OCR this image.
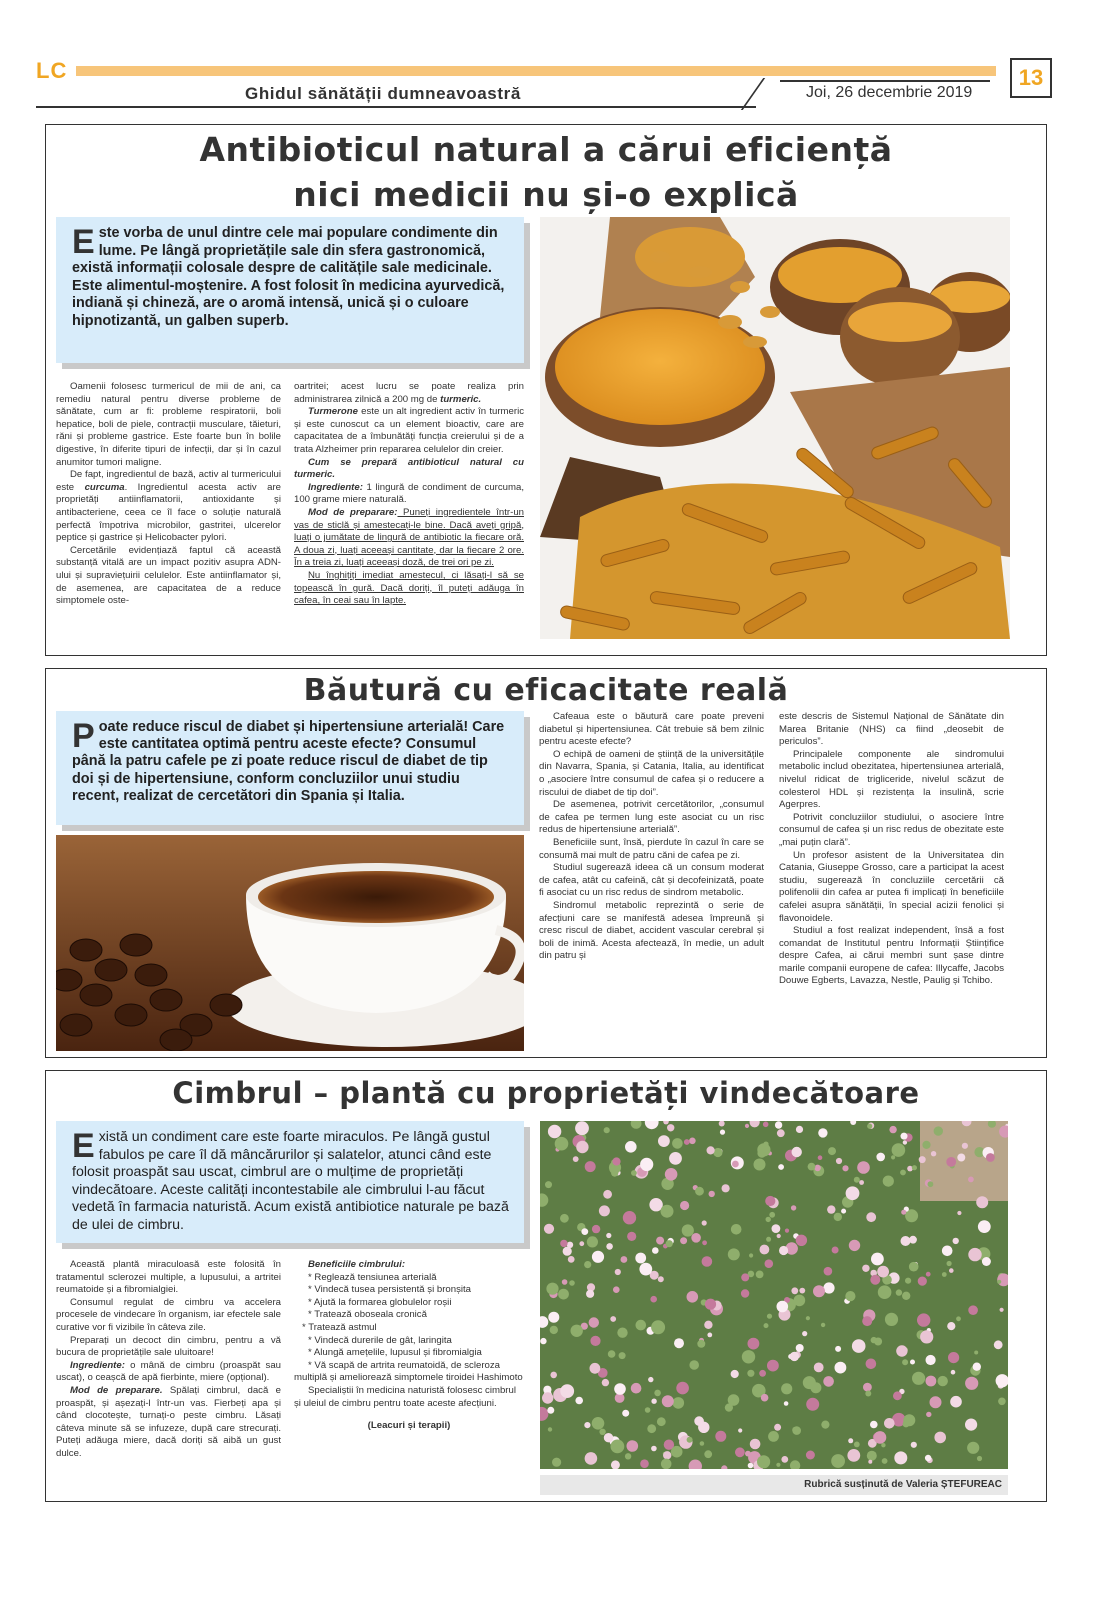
LC
Ghidul sănătății dumneavoastră	Joi, 26 decembrie 2019
13
Antibioticul natural a cărui eficiență
nici medicii nu și-o explică
Este vorba de unul dintre cele mai populare condimente din lume. Pe lângă proprietățile sale din sfera gastronomică, există informații colosale despre de calitățile sale medicinale. Este alimentul-moștenire. A fost folosit în medicina ayurvedică, indiană și chineză, are o aromă intensă, unică și o culoare hipnotizantă, un galben superb.

Oamenii folosesc turmericul de mii de ani, ca remediu natural pentru diverse probleme de sănătate, cum ar fi: probleme respiratorii, boli hepatice, boli de piele, contracții musculare, tăieturi, răni și probleme gastrice. Este foarte bun în bolile digestive, în diferite tipuri de infecții, dar și în cazul anumitor tumori maligne.

De fapt, ingredientul de bază, activ al turmericului este curcuma. Ingredientul acesta activ are proprietăți antiinflamatorii, antioxidante și antibacteriene, ceea ce îl face o soluție naturală perfectă împotriva microbilor, gastritei, ulcerelor peptice și gastrice și Helicobacter pylori.

Cercetările evidențiază faptul că această substanță vitală are un impact pozitiv asupra ADN-ului și supraviețuirii celulelor. Este antiinflamator și, de asemenea, are capacitatea de a reduce simptomele oste-

oartritei; acest lucru se poate realiza prin administrarea zilnică a 200 mg de turmeric.

Turmerone este un alt ingredient activ în turmeric și este cunoscut ca un element bioactiv, care are capacitatea de a îmbunătăți funcția creierului și de a trata Alzheimer prin repararea celulelor din creier.

Cum se prepară antibioticul natural cu turmeric.

Ingrediente: 1 lingură de condiment de curcuma, 100 grame miere naturală.

Mod de preparare: Puneți ingredientele într-un vas de sticlă și amestecați-le bine. Dacă aveți gripă, luați o jumătate de lingură de antibiotic la fiecare oră. A doua zi, luați aceeași cantitate, dar la fiecare 2 ore. În a treia zi, luați aceeași doză, de trei ori pe zi.

Nu înghițiți imediat amestecul, ci lăsați-l să se topească în gură. Dacă doriți, îl puteți adăuga în cafea, în ceai sau în lapte.

Băutură cu eficacitate reală
Poate reduce riscul de diabet și hipertensiune arterială! Care este cantitatea optimă pentru aceste efecte? Consumul până la patru cafele pe zi poate reduce riscul de diabet de tip doi și de hipertensiune, conform concluziilor unui studiu recent, realizat de cercetători din Spania și Italia.

Cafeaua este o băutură care poate preveni diabetul și hipertensiunea. Cât trebuie să bem zilnic pentru aceste efecte?

O echipă de oameni de știință de la universitățile din Navarra, Spania, și Catania, Italia, au identificat o „asociere între consumul de cafea și o reducere a riscului de diabet de tip doi”.

De asemenea, potrivit cercetătorilor, „consumul de cafea pe termen lung este asociat cu un risc redus de hipertensiune arterială”.

Beneficiile sunt, însă, pierdute în cazul în care se consumă mai mult de patru căni de cafea pe zi.

Studiul sugerează ideea că un consum moderat de cafea, atât cu cafeină, cât și decofeinizată, poate fi asociat cu un risc redus de sindrom metabolic.

Sindromul metabolic reprezintă o serie de afecțiuni care se manifestă adesea împreună și cresc riscul de diabet, accident vascular cerebral și boli de inimă. Acesta afectează, în medie, un adult din patru și

este descris de Sistemul Național de Sănătate din Marea Britanie (NHS) ca fiind „deosebit de periculos”.

Principalele componente ale sindromului metabolic includ obezitatea, hipertensiunea arterială, nivelul ridicat de trigliceride, nivelul scăzut de colesterol HDL și rezistența la insulină, scrie Agerpres.

Potrivit concluziilor studiului, o asociere între consumul de cafea și un risc redus de obezitate este „mai puțin clară”.

Un profesor asistent de la Universitatea din Catania, Giuseppe Grosso, care a participat la acest studiu, sugerează în concluziile cercetării că polifenolii din cafea ar putea fi implicați în beneficiile cafelei asupra sănătății, în special acizii fenolici și flavonoidele.

Studiul a fost realizat independent, însă a fost comandat de Institutul pentru Informații Științifice despre Cafea, ai cărui membri sunt șase dintre marile companii europene de cafea: Illycaffe, Jacobs Douwe Egberts, Lavazza, Nestle, Paulig și Tchibo.

Cimbrul – plantă cu proprietăți vindecătoare
Există un condiment care este foarte miraculos. Pe lângă gustul fabulos pe care îl dă mâncărurilor și salatelor, atunci când este folosit proaspăt sau uscat, cimbrul are o mulțime de proprietăți vindecătoare. Aceste calități incontestabile ale cimbrului l-au făcut vedetă în farmacia naturistă. Acum există antibiotice naturale pe bază de ulei de cimbru.

Această plantă miraculoasă este folosită în tratamentul sclerozei multiple, a lupusului, a artritei reumatoide și a fibromialgiei.

Consumul regulat de cimbru va accelera procesele de vindecare în organism, iar efectele sale curative vor fi vizibile în câteva zile.

Preparați un decoct din cimbru, pentru a vă bucura de proprietățile sale uluitoare!

Ingrediente: o mână de cimbru (proaspăt sau uscat), o ceașcă de apă fierbinte, miere (opțional).

Mod de preparare. Spălați cimbrul, dacă e proaspăt, și așezați-l într-un vas. Fierbeți apa și când clocotește, turnați-o peste cimbru. Lăsați câteva minute să se infuzeze, după care strecurați. Puteți adăuga miere, dacă doriți să aibă un gust dulce.

Beneficiile cimbrului:

* Reglează tensiunea arterială

* Vindecă tusea persistentă și bronșita

* Ajută la formarea globulelor roșii

* Tratează oboseala cronică

* Tratează astmul

* Vindecă durerile de gât, laringita

* Alungă amețelile, lupusul și fibromialgia

* Vă scapă de artrita reumatoidă, de scleroza multiplă și ameliorează simptomele tiroidei Hashimoto

Specialiștii în medicina naturistă folosesc cimbrul și uleiul de cimbru pentru toate aceste afecțiuni.

(Leacuri și terapii)

Rubrică susținută de Valeria ȘTEFUREAC
